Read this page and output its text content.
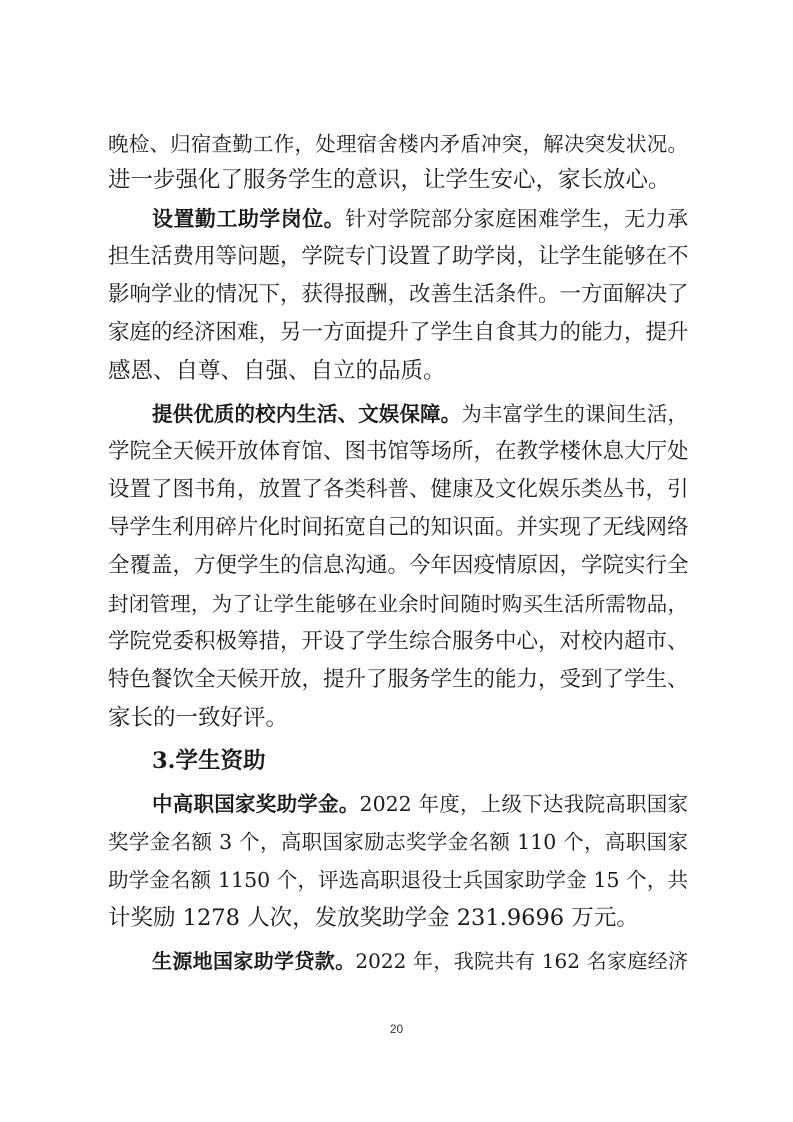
晚检、归宿查勤工作，处理宿舍楼内矛盾冲突，解决突发状况。
进一步强化了服务学生的意识，让学生安心，家长放心。
设置勤工助学岗位。针对学院部分家庭困难学生，无力承
担生活费用等问题，学院专门设置了助学岗，让学生能够在不
影响学业的情况下，获得报酬，改善生活条件。一方面解决了
家庭的经济困难，另一方面提升了学生自食其力的能力，提升
感恩、自尊、自强、自立的品质。
提供优质的校内生活、文娱保障。为丰富学生的课间生活，
学院全天候开放体育馆、图书馆等场所，在教学楼休息大厅处
设置了图书角，放置了各类科普、健康及文化娱乐类丛书，引
导学生利用碎片化时间拓宽自己的知识面。并实现了无线网络
全覆盖，方便学生的信息沟通。今年因疫情原因，学院实行全
封闭管理，为了让学生能够在业余时间随时购买生活所需物品，
学院党委积极筹措，开设了学生综合服务中心，对校内超市、
特色餐饮全天候开放，提升了服务学生的能力，受到了学生、
家长的一致好评。
3.学生资助
中高职国家奖助学金。2022 年度，上级下达我院高职国家
奖学金名额 3 个，高职国家励志奖学金名额 110 个，高职国家
助学金名额 1150 个，评选高职退役士兵国家助学金 15 个，共
计奖励 1278 人次，发放奖助学金 231.9696 万元。
生源地国家助学贷款。2022 年，我院共有 162 名家庭经济
20
